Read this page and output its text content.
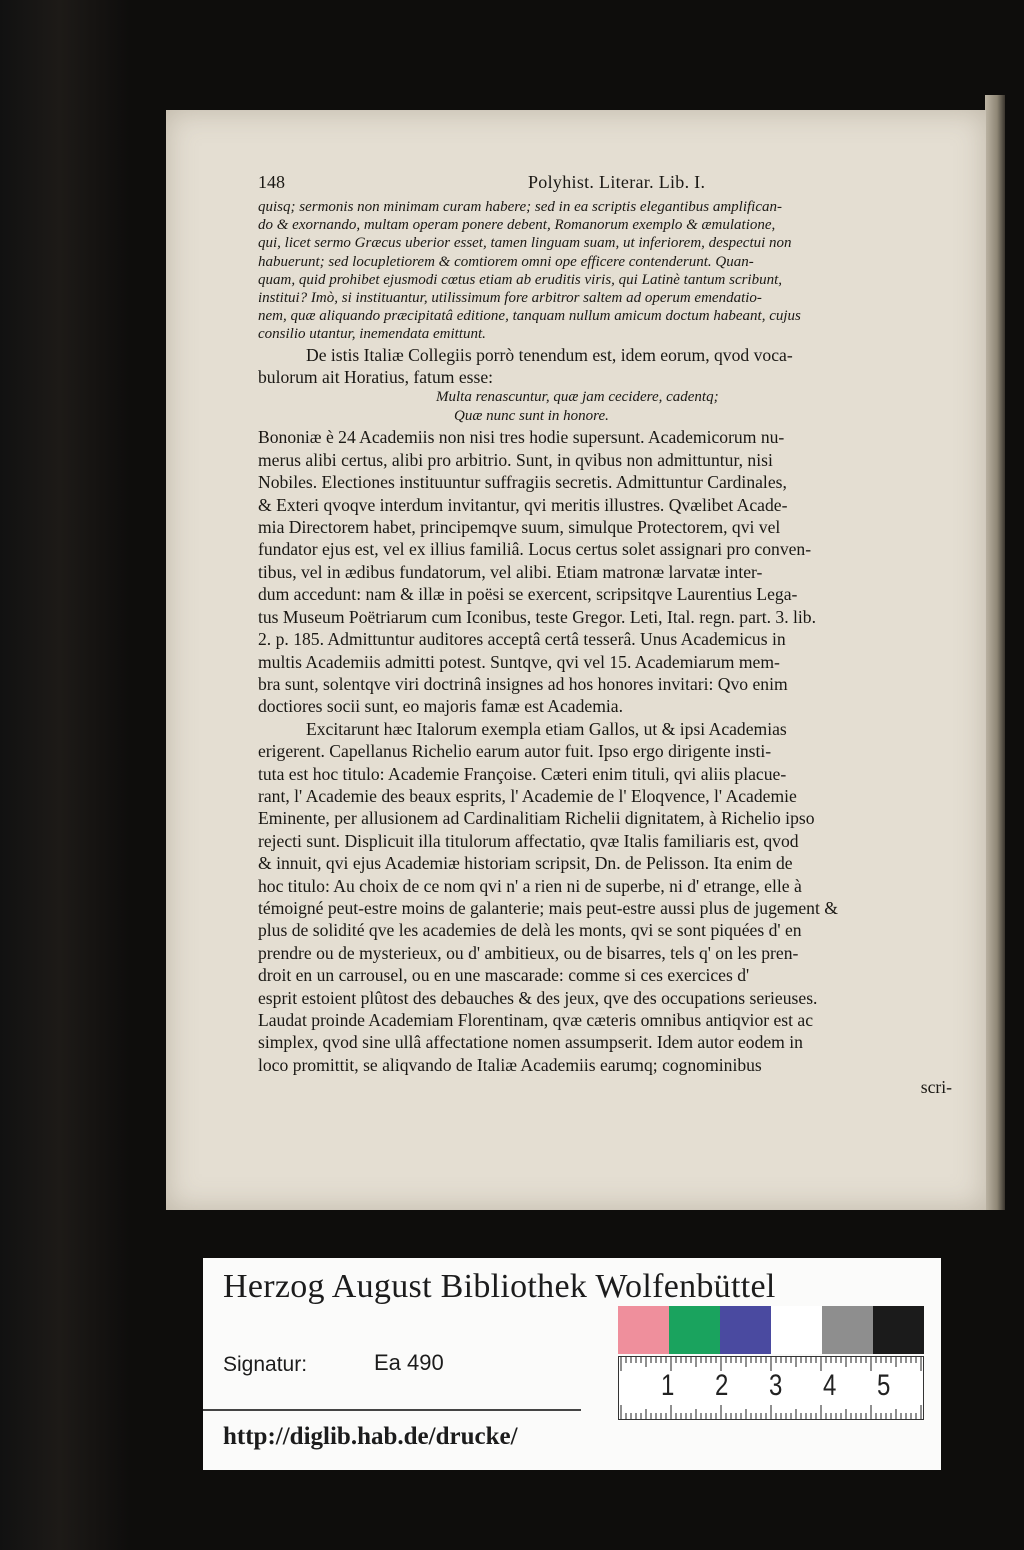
148	Polyhist. Literar. Lib. I.

quisq; sermonis non minimam curam habere; sed in ea scriptis elegantibus amplifican-
do & exornando, multam operam ponere debent, Romanorum exemplo & æmulatione,
qui, licet sermo Græcus uberior esset, tamen linguam suam, ut inferiorem, despectui non
habuerunt; sed locupletiorem & comtiorem omni ope efficere contenderunt. Quan-
quam, quid prohibet ejusmodi cœtus etiam ab eruditis viris, qui Latinè tantum scribunt,
institui? Imò, si instituantur, utilissimum fore arbitror saltem ad operum emendatio-
nem, quæ aliquando præcipitatâ editione, tanquam nullum amicum doctum habeant, cujus
consilio utantur, inemendata emittunt.

De istis Italiæ Collegiis porrò tenendum est, idem eorum, qvod voca-
bulorum ait Horatius, fatum esse:

Multa renascuntur, quæ jam cecidere, cadentq;
Quæ nunc sunt in honore.

Bononiæ è 24 Academiis non nisi tres hodie supersunt. Academicorum nu-
merus alibi certus, alibi pro arbitrio. Sunt, in qvibus non admittuntur, nisi
Nobiles. Electiones instituuntur suffragiis secretis. Admittuntur Cardinales,
& Exteri qvoqve interdum invitantur, qvi meritis illustres. Qvælibet Acade-
mia Directorem habet, principemqve suum, simulque Protectorem, qvi vel
fundator ejus est, vel ex illius familiâ. Locus certus solet assignari pro conven-
tibus, vel in ædibus fundatorum, vel alibi. Etiam matronæ larvatæ inter-
dum accedunt: nam & illæ in poësi se exercent, scripsitqve Laurentius Lega-
tus Museum Poëtriarum cum Iconibus, teste Gregor. Leti, Ital. regn. part. 3. lib.
2. p. 185. Admittuntur auditores acceptâ certâ tesserâ. Unus Academicus in
multis Academiis admitti potest. Suntqve, qvi vel 15. Academiarum mem-
bra sunt, solentqve viri doctrinâ insignes ad hos honores invitari: Qvo enim
doctiores socii sunt, eo majoris famæ est Academia.

Excitarunt hæc Italorum exempla etiam Gallos, ut & ipsi Academias
erigerent. Capellanus Richelio earum autor fuit. Ipso ergo dirigente insti-
tuta est hoc titulo: Academie Françoise. Cæteri enim tituli, qvi aliis placue-
rant, l' Academie des beaux esprits, l' Academie de l' Eloqvence, l' Academie
Eminente, per allusionem ad Cardinalitiam Richelii dignitatem, à Richelio ipso
rejecti sunt. Displicuit illa titulorum affectatio, qvæ Italis familiaris est, qvod
& innuit, qvi ejus Academiæ historiam scripsit, Dn. de Pelisson. Ita enim de
hoc titulo: Au choix de ce nom qvi n' a rien ni de superbe, ni d' etrange, elle à
témoigné peut-estre moins de galanterie; mais peut-estre aussi plus de jugement &
plus de solidité qve les academies de delà les monts, qvi se sont piquées d' en
prendre ou de mysterieux, ou d' ambitieux, ou de bisarres, tels q' on les pren-
droit en un carrousel, ou en une mascarade: comme si ces exercices d'
esprit estoient plûtost des debauches & des jeux, qve des occupations serieuses.
Laudat proinde Academiam Florentinam, qvæ cæteris omnibus antiqvior est ac
simplex, qvod sine ullâ affectatione nomen assumpserit. Idem autor eodem in
loco promittit, se aliqvando de Italiæ Academiis earumq; cognominibus
scri-

Herzog August Bibliothek Wolfenbüttel
Signatur:	Ea 490
http://diglib.hab.de/drucke/
1 2 3 4 5
